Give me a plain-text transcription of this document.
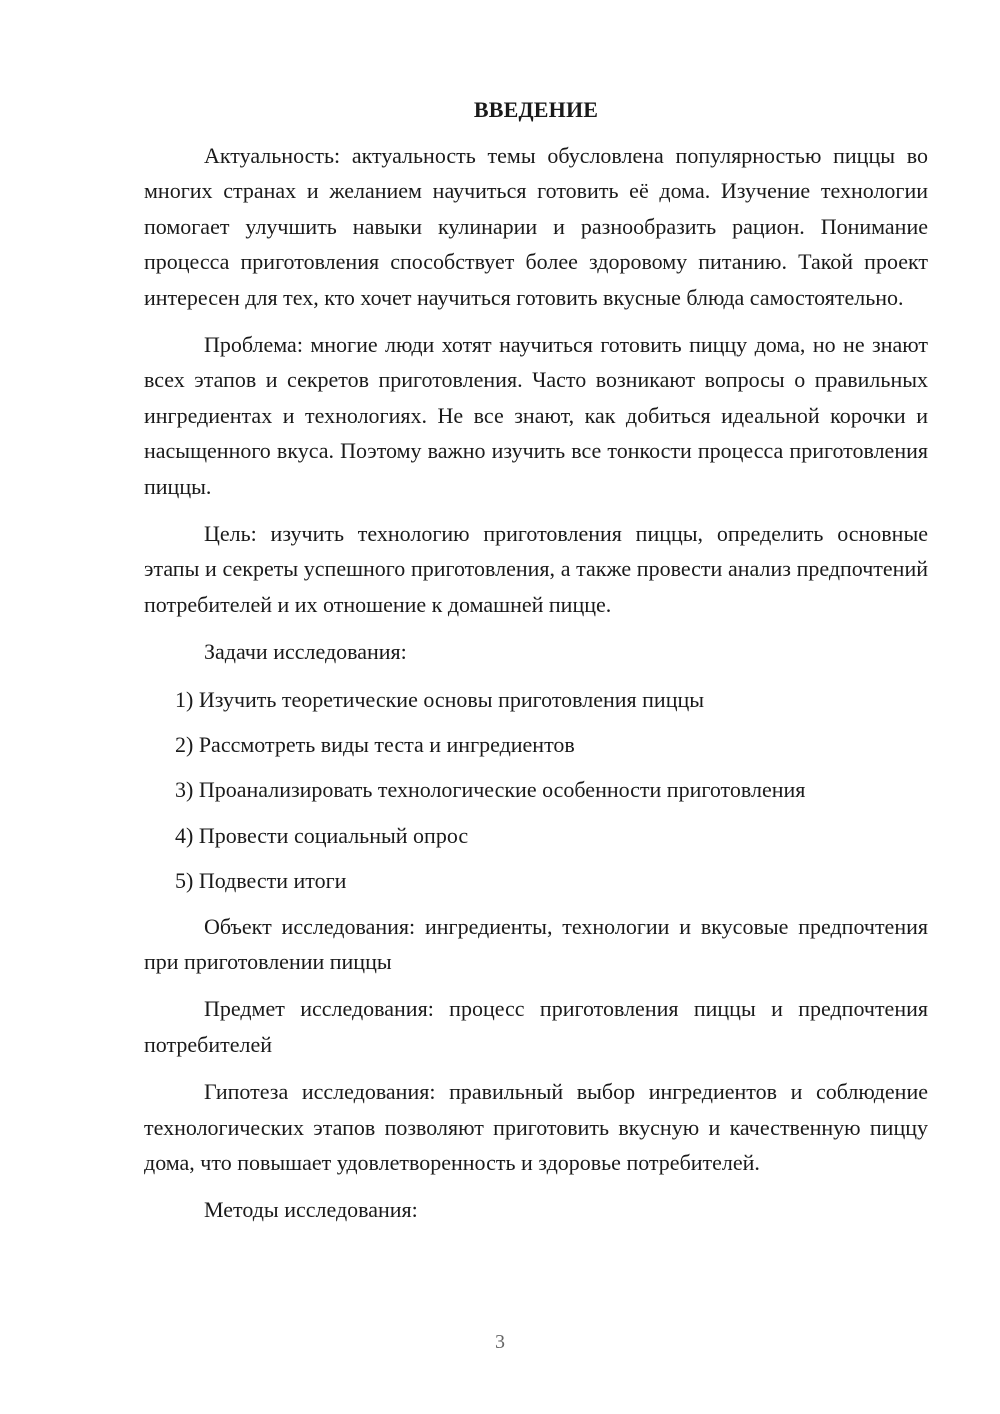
ВВЕДЕНИЕ

Актуальность: актуальность темы обусловлена популярностью пиццы во многих странах и желанием научиться готовить её дома. Изучение технологии помогает улучшить навыки кулинарии и разнообразить рацион. Понимание процесса приготовления способствует более здоровому питанию. Такой проект интересен для тех, кто хочет научиться готовить вкусные блюда самостоятельно.

Проблема: многие люди хотят научиться готовить пиццу дома, но не знают всех этапов и секретов приготовления. Часто возникают вопросы о правильных ингредиентах и технологиях. Не все знают, как добиться идеальной корочки и насыщенного вкуса. Поэтому важно изучить все тонкости процесса приготовления пиццы.

Цель: изучить технологию приготовления пиццы, определить основные этапы и секреты успешного приготовления, а также провести анализ предпочтений потребителей и их отношение к домашней пицце.

Задачи исследования:

1) Изучить теоретические основы приготовления пиццы
2) Рассмотреть виды теста и ингредиентов
3) Проанализировать технологические особенности приготовления
4) Провести социальный опрос
5) Подвести итоги

Объект исследования: ингредиенты, технологии и вкусовые предпочтения при приготовлении пиццы

Предмет исследования: процесс приготовления пиццы и предпочтения потребителей

Гипотеза исследования: правильный выбор ингредиентов и соблюдение технологических этапов позволяют приготовить вкусную и качественную пиццу дома, что повышает удовлетворенность и здоровье потребителей.

Методы исследования:

3
